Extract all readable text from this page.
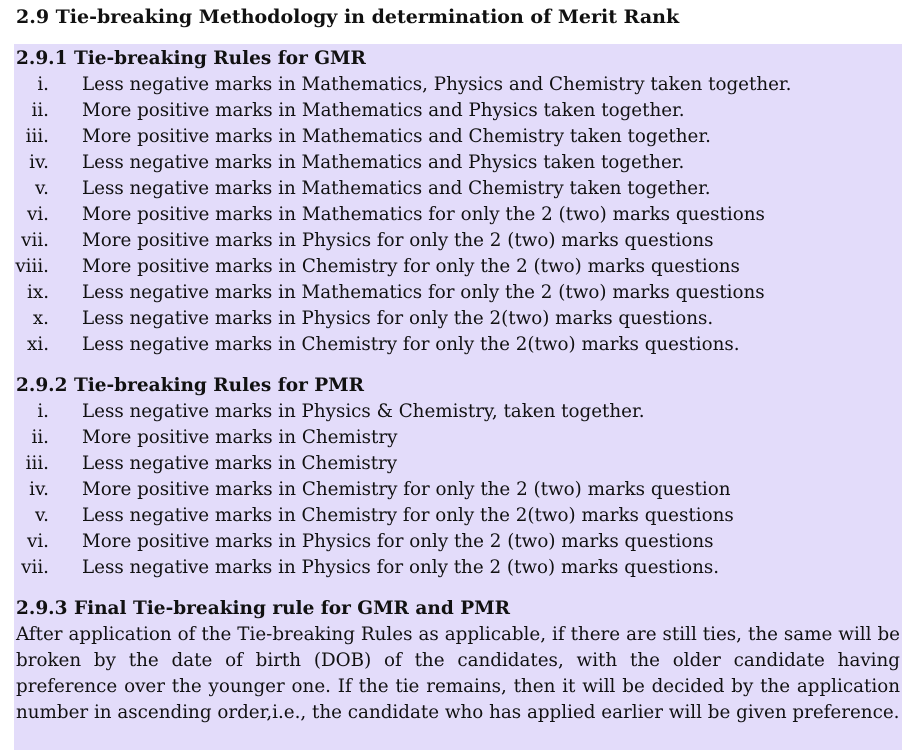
2.9 Tie-breaking Methodology in determination of Merit Rank
2.9.1 Tie-breaking Rules for GMR
i. Less negative marks in Mathematics, Physics and Chemistry taken together.
ii. More positive marks in Mathematics and Physics taken together.
iii. More positive marks in Mathematics and Chemistry taken together.
iv. Less negative marks in Mathematics and Physics taken together.
v. Less negative marks in Mathematics and Chemistry taken together.
vi. More positive marks in Mathematics for only the 2 (two) marks questions
vii. More positive marks in Physics for only the 2 (two) marks questions
viii. More positive marks in Chemistry for only the 2 (two) marks questions
ix. Less negative marks in Mathematics for only the 2 (two) marks questions
x. Less negative marks in Physics for only the 2(two) marks questions.
xi. Less negative marks in Chemistry for only the 2(two) marks questions.
2.9.2 Tie-breaking Rules for PMR
i. Less negative marks in Physics & Chemistry, taken together.
ii. More positive marks in Chemistry
iii. Less negative marks in Chemistry
iv. More positive marks in Chemistry for only the 2 (two) marks question
v. Less negative marks in Chemistry for only the 2(two) marks questions
vi. More positive marks in Physics for only the 2 (two) marks questions
vii. Less negative marks in Physics for only the 2 (two) marks questions.
2.9.3 Final Tie-breaking rule for GMR and PMR

After application of the Tie-breaking Rules as applicable, if there are still ties, the same will be broken by the date of birth (DOB) of the candidates, with the older candidate having preference over the younger one. If the tie remains, then it will be decided by the application number in ascending order,i.e., the candidate who has applied earlier will be given preference.
